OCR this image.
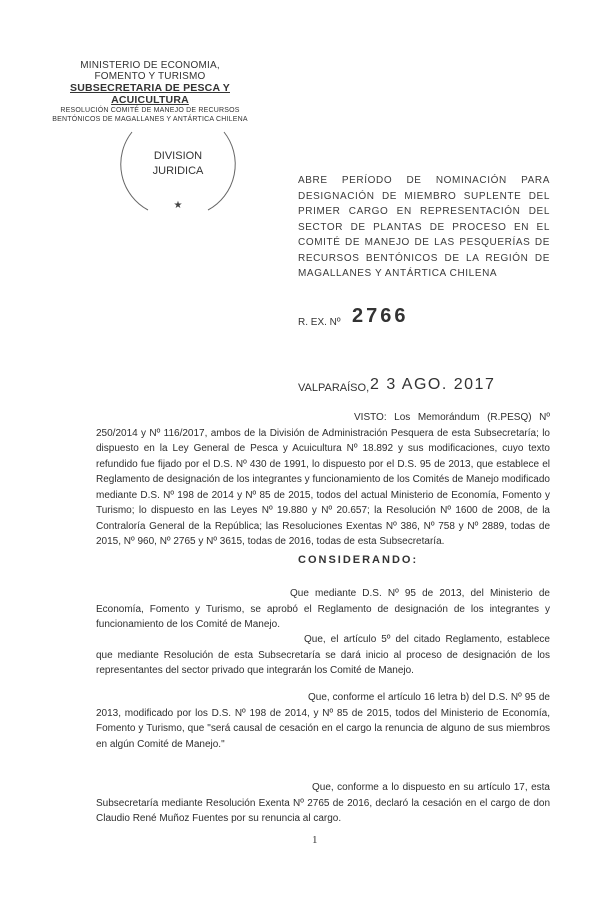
MINISTERIO DE ECONOMIA,
FOMENTO Y TURISMO
SUBSECRETARIA DE PESCA Y ACUICULTURA
RESOLUCIÓN COMITÉ DE MANEJO DE RECURSOS
BENTÓNICOS DE MAGALLANES Y ANTÁRTICA CHILENA
★
DIVISION
JURIDICA
ABRE PERÍODO DE NOMINACIÓN PARA DESIGNACIÓN DE MIEMBRO SUPLENTE DEL PRIMER CARGO EN REPRESENTACIÓN DEL SECTOR DE PLANTAS DE PROCESO EN EL COMITÉ DE MANEJO DE LAS PESQUERÍAS DE RECURSOS BENTÓNICOS DE LA REGIÓN DE MAGALLANES Y ANTÁRTICA CHILENA
R. EX. Nº 2766
VALPARAÍSO, 2 3 AGO. 2017
VISTO: Los Memorándum (R.PESQ) Nº 250/2014 y Nº 116/2017, ambos de la División de Administración Pesquera de esta Subsecretaría; lo dispuesto en la Ley General de Pesca y Acuicultura Nº 18.892 y sus modificaciones, cuyo texto refundido fue fijado por el D.S. Nº 430 de 1991, lo dispuesto por el D.S. 95 de 2013, que establece el Reglamento de designación de los integrantes y funcionamiento de los Comités de Manejo modificado mediante D.S. Nº 198 de 2014 y Nº 85 de 2015, todos del actual Ministerio de Economía, Fomento y Turismo; lo dispuesto en las Leyes Nº 19.880 y Nº 20.657; la Resolución Nº 1600 de 2008, de la Contraloría General de la República; las Resoluciones Exentas Nº 386, Nº 758 y Nº 2889, todas de 2015, Nº 960, Nº 2765 y Nº 3615, todas de 2016, todas de esta Subsecretaría.
CONSIDERANDO:
Que mediante D.S. Nº 95 de 2013, del Ministerio de Economía, Fomento y Turismo, se aprobó el Reglamento de designación de los integrantes y funcionamiento de los Comité de Manejo.
Que, el artículo 5º del citado Reglamento, establece que mediante Resolución de esta Subsecretaría se dará inicio al proceso de designación de los representantes del sector privado que integrarán los Comité de Manejo.
Que, conforme el artículo 16 letra b) del D.S. Nº 95 de 2013, modificado por los D.S. Nº 198 de 2014, y Nº 85 de 2015, todos del Ministerio de Economía, Fomento y Turismo, que "será causal de cesación en el cargo la renuncia de alguno de sus miembros en algún Comité de Manejo."
Que, conforme a lo dispuesto en su artículo 17, esta Subsecretaría mediante Resolución Exenta Nº 2765 de 2016, declaró la cesación en el cargo de don Claudio René Muñoz Fuentes por su renuncia al cargo.
1
